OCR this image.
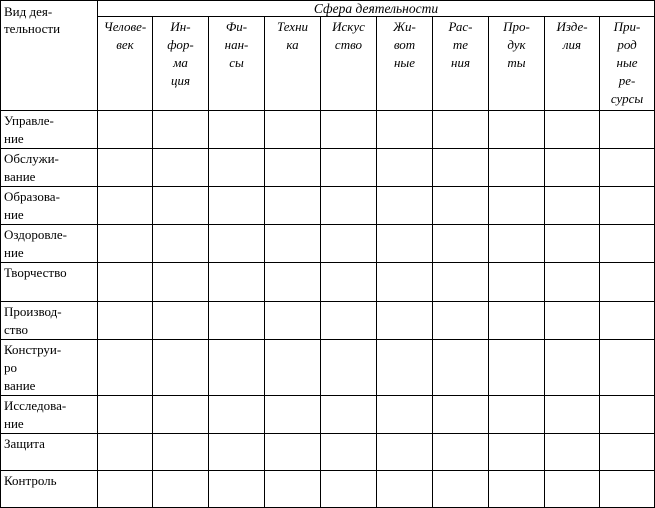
Вид дея-
тельности	Сфера деятельности									

	Челове-
век	Ин-
фор-
ма
ция	Фи-
нан-
сы	Техни
ка	Искус
ство	Жи-
вот
ные	Рас-
те
ния	Про-
дук
ты	Изде-
лия	При-
род
ные
ре-
сурсы

Управле-
ние										

Обслужи-
вание										

Образова-
ние										

Оздоровле-
ние										

Творчество										

Производ-
ство										

Конструи-
ро
вание										

Исследова-
ние										

Защита										

Контроль										
